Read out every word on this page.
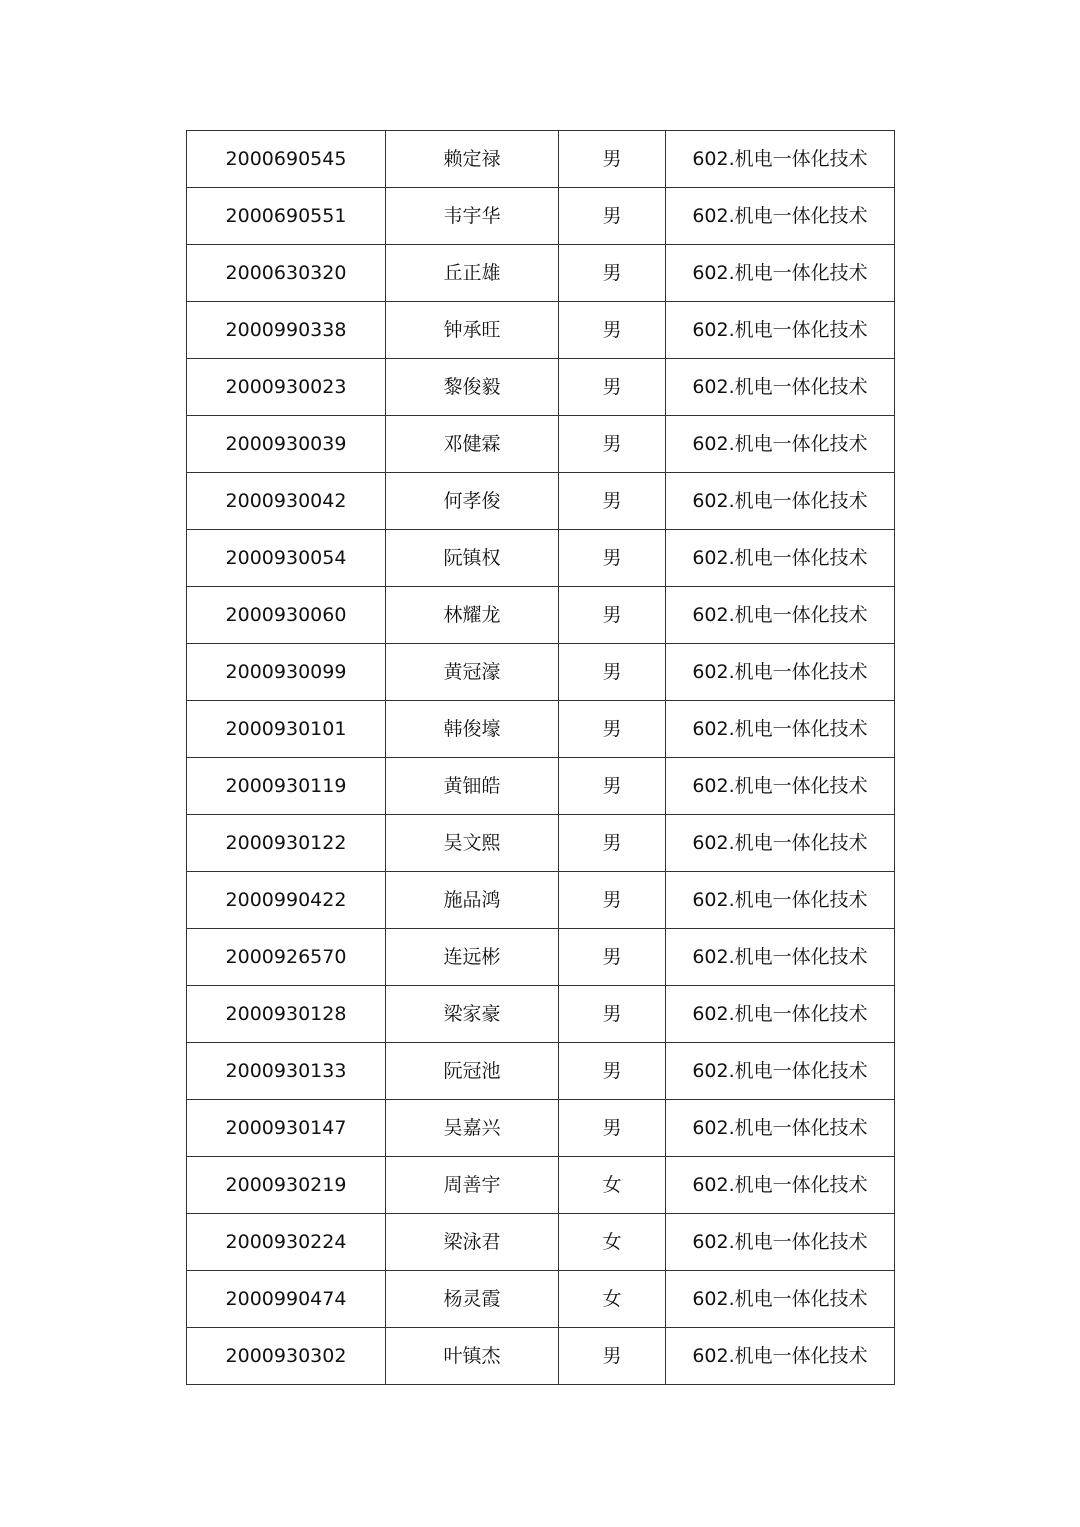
2000690545	赖定禄	男	602.机电一体化技术
2000690551	韦宇华	男	602.机电一体化技术
2000630320	丘正雄	男	602.机电一体化技术
2000990338	钟承旺	男	602.机电一体化技术
2000930023	黎俊毅	男	602.机电一体化技术
2000930039	邓健霖	男	602.机电一体化技术
2000930042	何孝俊	男	602.机电一体化技术
2000930054	阮镇权	男	602.机电一体化技术
2000930060	林耀龙	男	602.机电一体化技术
2000930099	黄冠濠	男	602.机电一体化技术
2000930101	韩俊壕	男	602.机电一体化技术
2000930119	黄钿皓	男	602.机电一体化技术
2000930122	吴文熙	男	602.机电一体化技术
2000990422	施品鸿	男	602.机电一体化技术
2000926570	连远彬	男	602.机电一体化技术
2000930128	梁家豪	男	602.机电一体化技术
2000930133	阮冠池	男	602.机电一体化技术
2000930147	吴嘉兴	男	602.机电一体化技术
2000930219	周善宇	女	602.机电一体化技术
2000930224	梁泳君	女	602.机电一体化技术
2000990474	杨灵霞	女	602.机电一体化技术
2000930302	叶镇杰	男	602.机电一体化技术
